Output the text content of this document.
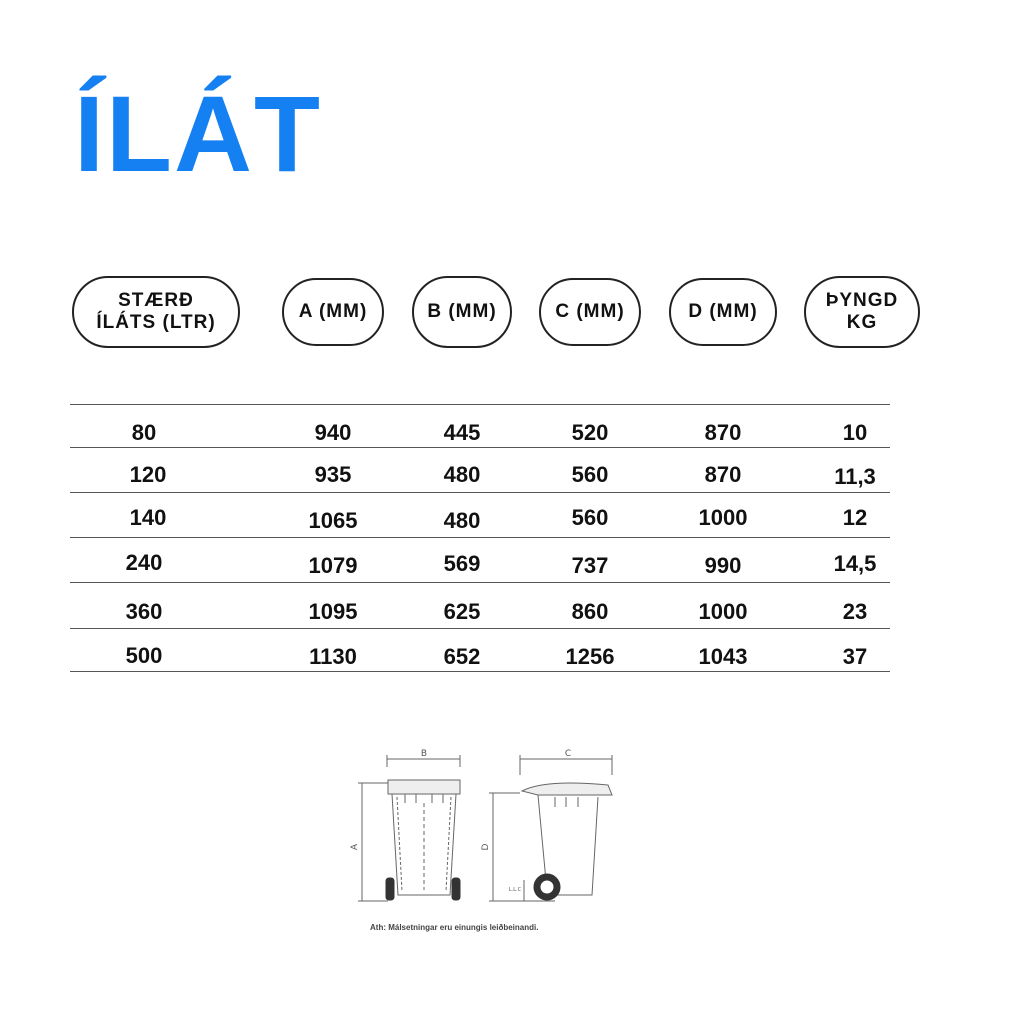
ÍLÁT
STÆRÐ
ÍLÁTS (LTR)
A (MM)	B (MM)	C (MM)	D (MM)
ÞYNGD
KG
80	940	445	520	870	10
120	935	480	560	870	11,3
140	1065	480	560	1000	12
240	1079	569	737	990	14,5
360	1095	625	860	1000	23
500	1130	652	1256	1043	37
B	C
A	D
L.L.C
Ath: Málsetningar eru einungis leiðbeinandi.
